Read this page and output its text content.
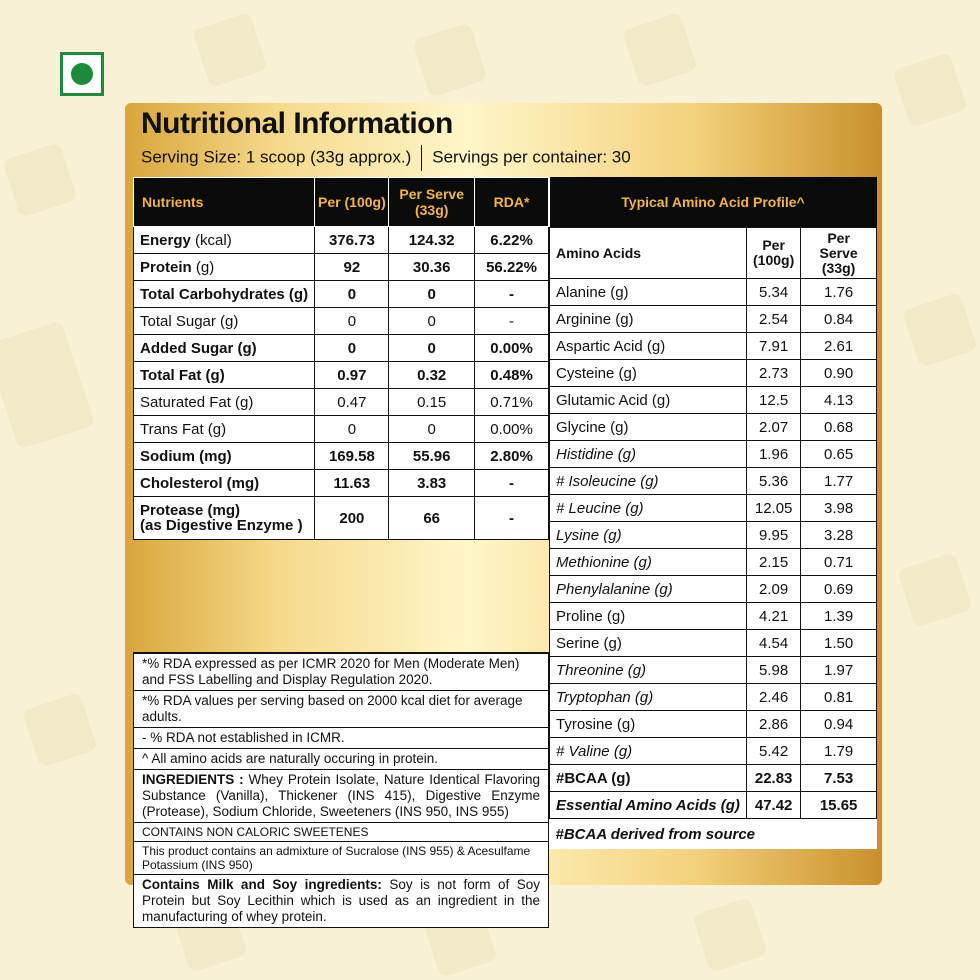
Nutritional Information
Serving Size: 1 scoop (33g approx.) Servings per container: 30
Nutrients	Per (100g)	Per Serve (33g)	RDA*
Energy (kcal)	376.73	124.32	6.22%
Protein (g)	92	30.36	56.22%
Total Carbohydrates (g)	0	0	-
Total Sugar (g)	0	0	-
Added Sugar (g)	0	0	0.00%
Total Fat (g)	0.97	0.32	0.48%
Saturated Fat (g)	0.47	0.15	0.71%
Trans Fat (g)	0	0	0.00%
Sodium (mg)	169.58	55.96	2.80%
Cholesterol (mg)	11.63	3.83	-
Protease (mg)
(as Digestive Enzyme )	200	66	-
*% RDA expressed as per ICMR 2020 for Men (Moderate Men) and FSS Labelling and Display Regulation 2020.
*% RDA values per serving based on 2000 kcal diet for average adults.
- % RDA not established in ICMR.
^ All amino acids are naturally occuring in protein.
INGREDIENTS : Whey Protein Isolate, Nature Identical Flavoring Substance (Vanilla), Thickener (INS 415), Digestive Enzyme (Protease), Sodium Chloride, Sweeteners (INS 950, INS 955)
CONTAINS NON CALORIC SWEETENES
This product contains an admixture of Sucralose (INS 955) & Acesulfame Potassium (INS 950)
Contains Milk and Soy ingredients: Soy is not form of Soy Protein but Soy Lecithin which is used as an ingredient in the manufacturing of whey protein.
Typical Amino Acid Profile^		
Amino Acids	Per (100g)	Per Serve (33g)
Alanine (g)	5.34	1.76
Arginine (g)	2.54	0.84
Aspartic Acid (g)	7.91	2.61
Cysteine (g)	2.73	0.90
Glutamic Acid (g)	12.5	4.13
Glycine (g)	2.07	0.68
Histidine (g)	1.96	0.65
# Isoleucine (g)	5.36	1.77
# Leucine (g)	12.05	3.98
Lysine (g)	9.95	3.28
Methionine (g)	2.15	0.71
Phenylalanine (g)	2.09	0.69
Proline (g)	4.21	1.39
Serine (g)	4.54	1.50
Threonine (g)	5.98	1.97
Tryptophan (g)	2.46	0.81
Tyrosine (g)	2.86	0.94
# Valine (g)	5.42	1.79
#BCAA (g)	22.83	7.53
Essential Amino Acids (g)	47.42	15.65
#BCAA derived from source		
